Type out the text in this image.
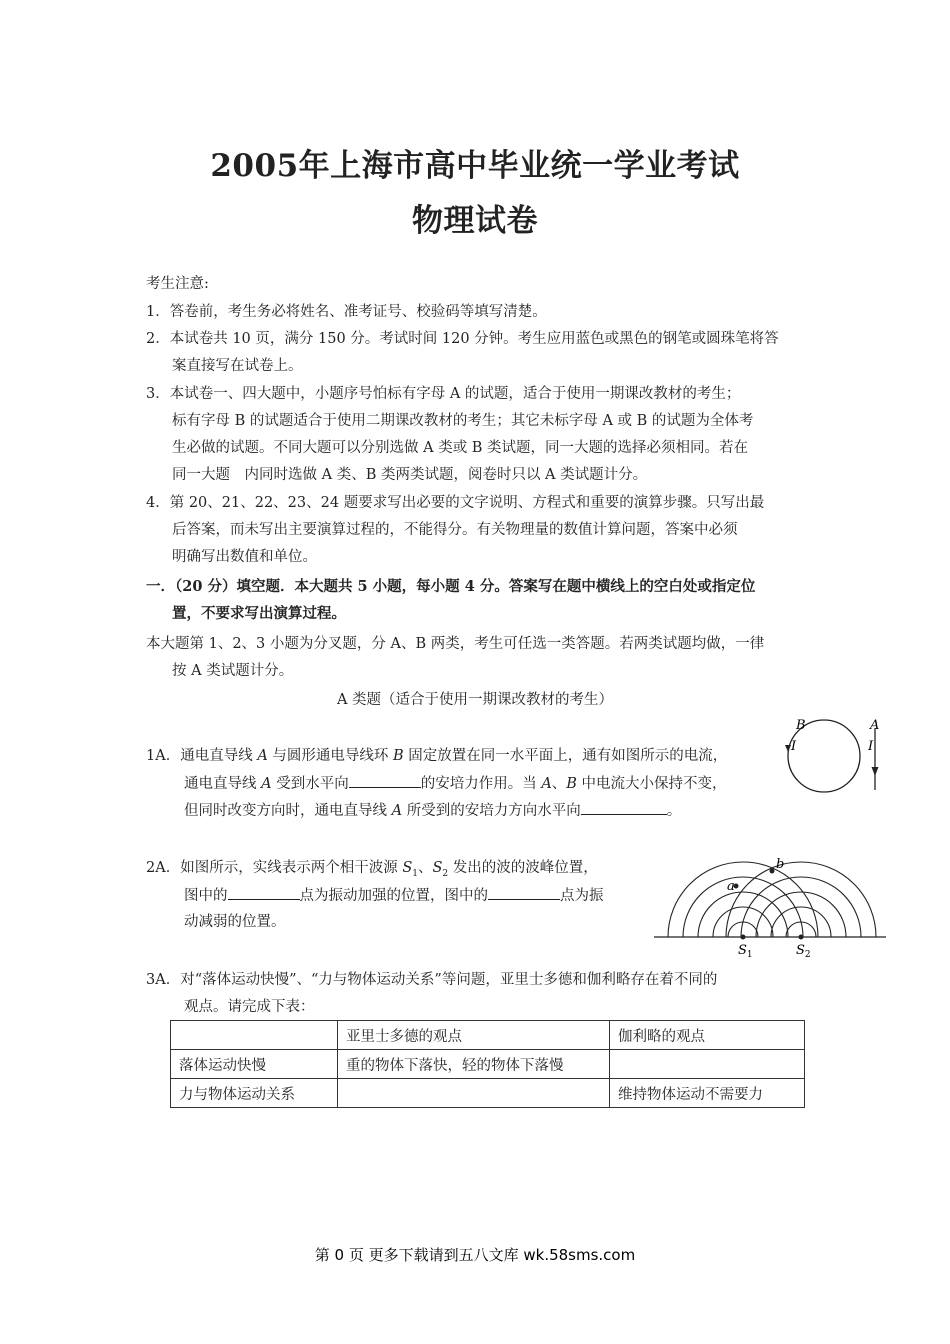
2005年上海市高中毕业统一学业考试
物理试卷
考生注意:
1．答卷前，考生务必将姓名、准考证号、校验码等填写清楚。
2．本试卷共 10 页，满分 150 分。考试时间 120 分钟。考生应用蓝色或黑色的钢笔或圆珠笔将答
案直接写在试卷上。
3．本试卷一、四大题中，小题序号怕标有字母 A 的试题，适合于使用一期课改教材的考生；
标有字母 B 的试题适合于使用二期课改教材的考生；其它未标字母 A 或 B 的试题为全体考
生必做的试题。不同大题可以分别选做 A 类或 B 类试题，同一大题的选择必须相同。若在
同一大题　内同时选做 A 类、B 类两类试题，阅卷时只以 A 类试题计分。
4．第 20、21、22、23、24 题要求写出必要的文字说明、方程式和重要的演算步骤。只写出最
后答案，而未写出主要演算过程的，不能得分。有关物理量的数值计算问题，答案中必须
明确写出数值和单位。
一．（20 分）填空题．本大题共 5 小题，每小题 4 分。答案写在题中横线上的空白处或指定位
置，不要求写出演算过程。
本大题第 1、2、3 小题为分叉题，分 A、B 两类，考生可任选一类答题。若两类试题均做，一律
按 A 类试题计分。
A 类题（适合于使用一期课改教材的考生）
1A．通电直导线 A 与圆形通电导线环 B 固定放置在同一水平面上，通有如图所示的电流，
通电直导线 A 受到水平向	的安培力作用。当 A、B 中电流大小保持不变，
但同时改变方向时，通电直导线 A 所受到的安培力方向水平向	。
B	A
I	I
2A．如图所示，实线表示两个相干波源 $S_1$、$S_2$ 发出的波的波峰位置，
图中的	点为振动加强的位置，图中的	点为振
动减弱的位置。
a
b
$S_1$	$S_2$
3A．对“落体运动快慢”、“力与物体运动关系”等问题，亚里士多德和伽利略存在着不同的
观点。请完成下表：
	亚里士多德的观点	伽利略的观点
落体运动快慢	重的物体下落快，轻的物体下落慢	
力与物体运动关系		维持物体运动不需要力
第 0 页 更多下载请到五八文库 wk.58sms.com
